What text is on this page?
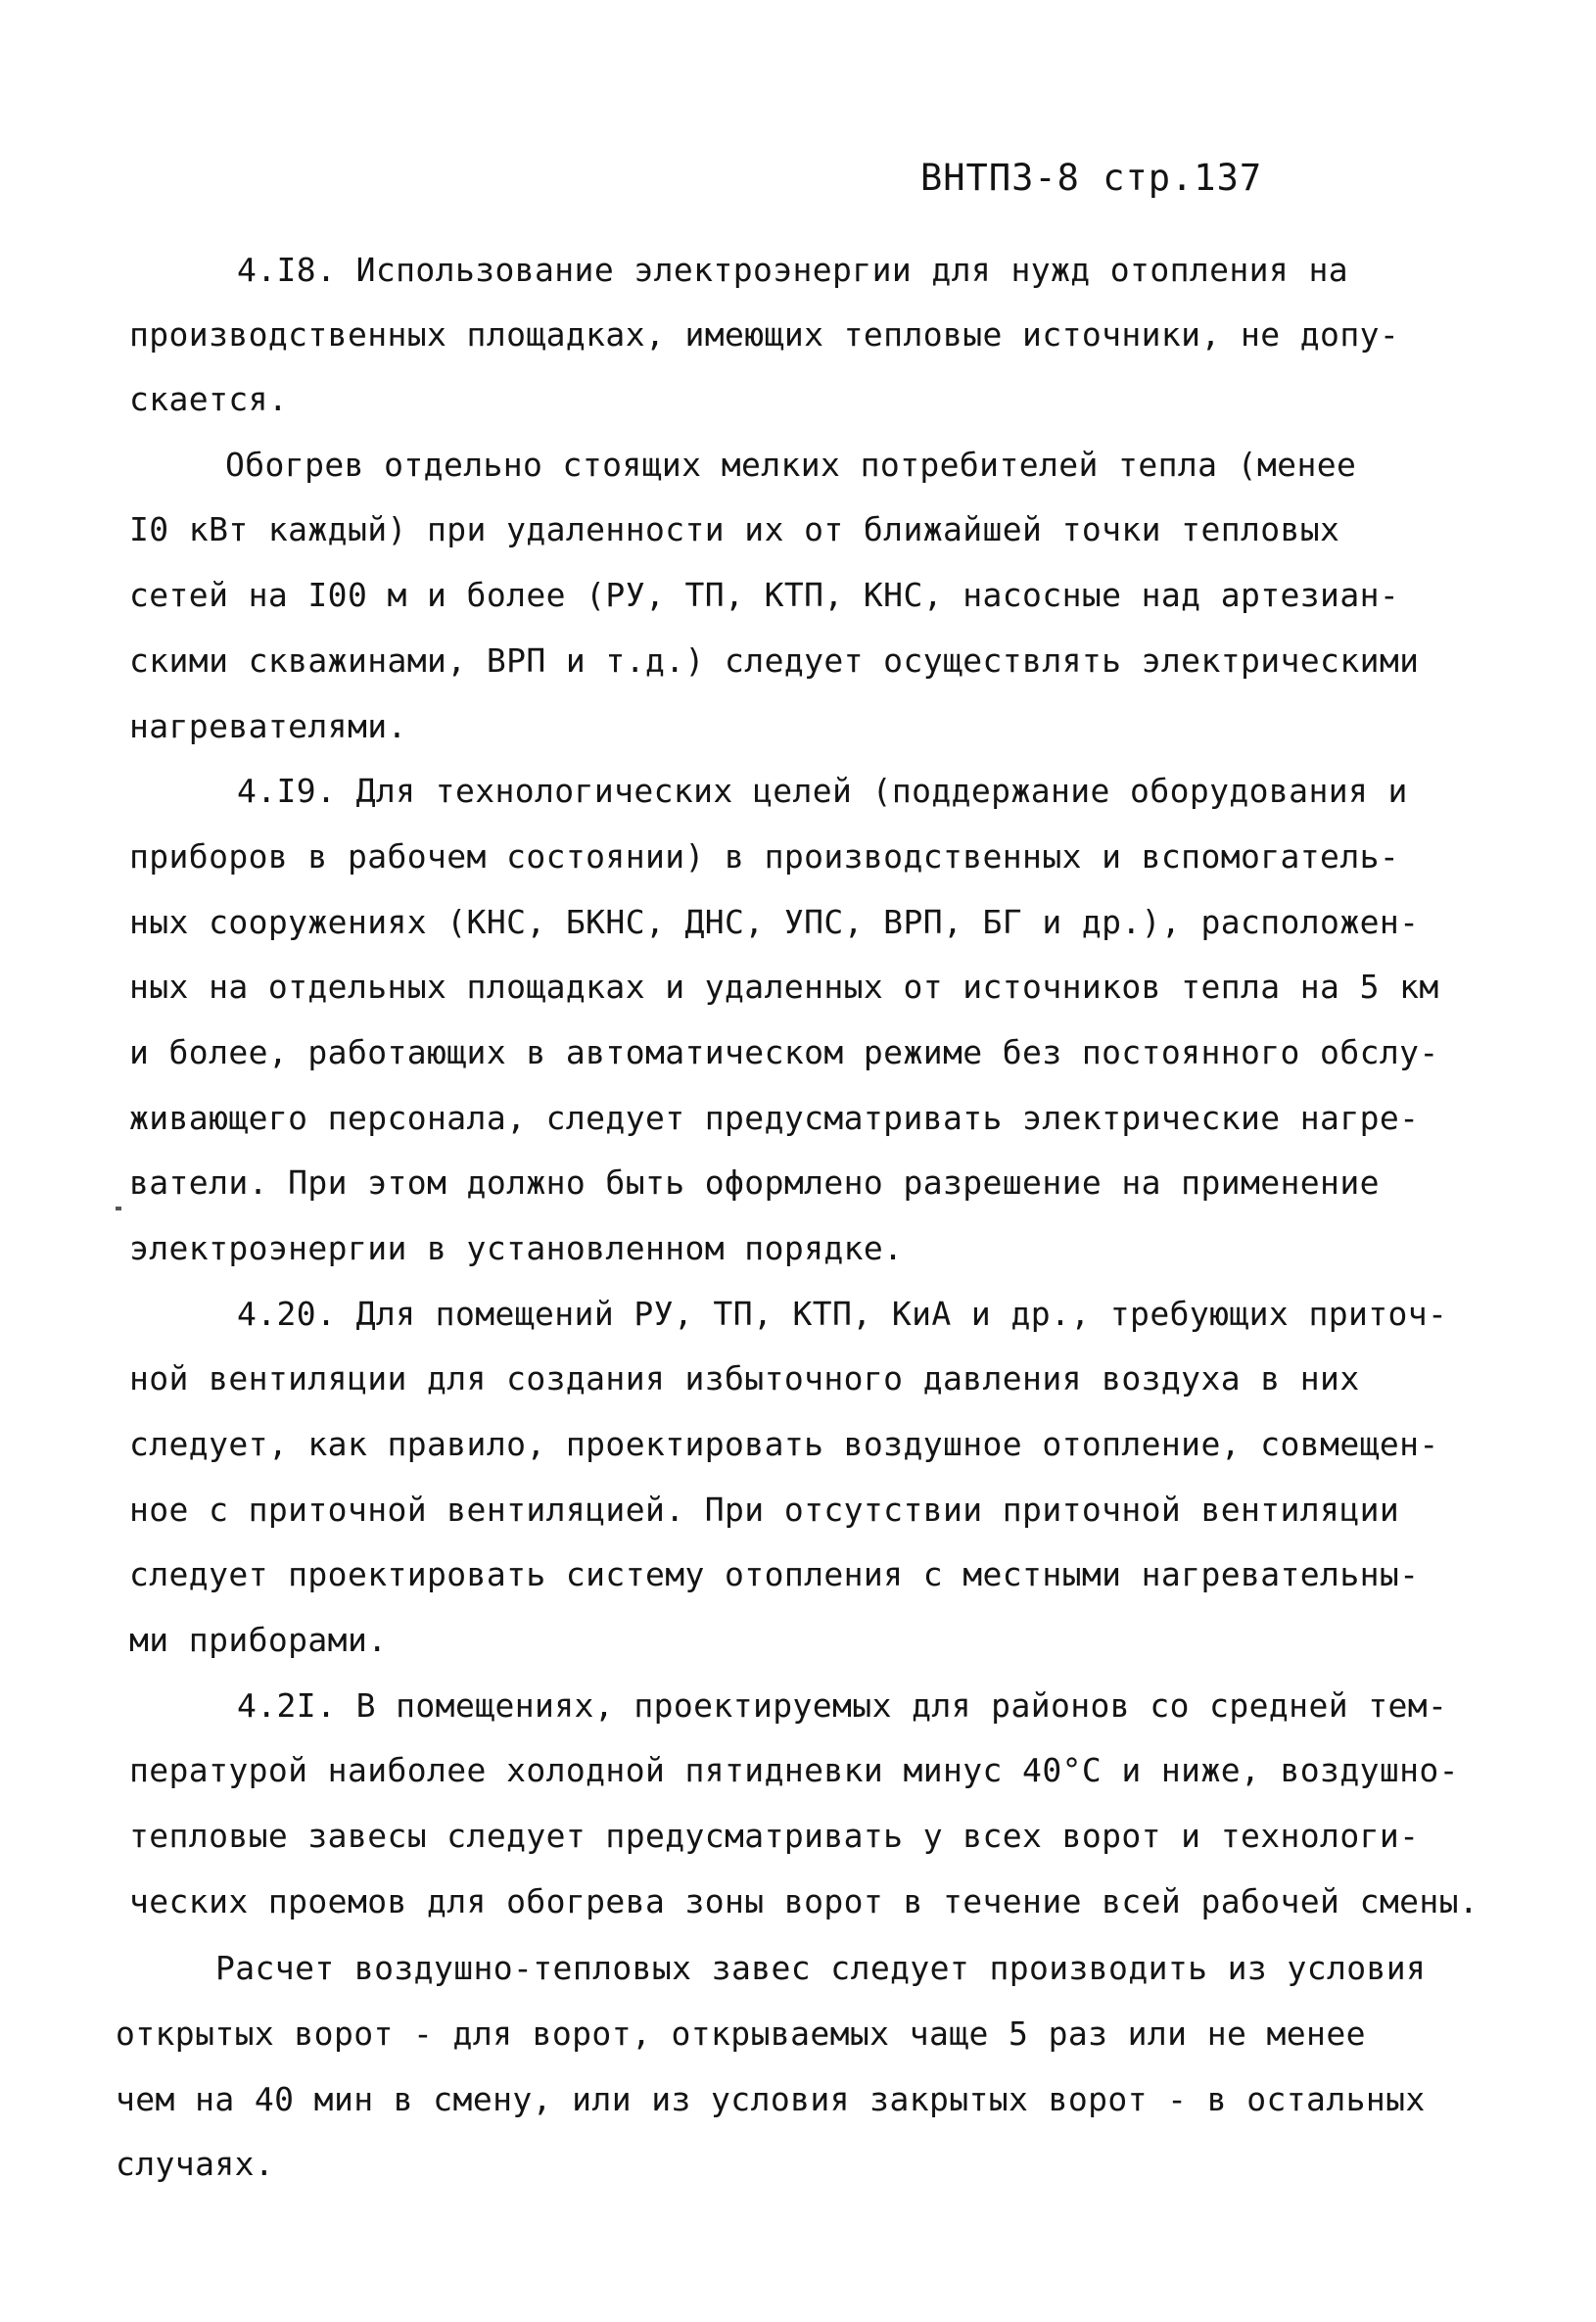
ВНТП3-8 стр.137
4.I8. Использование электроэнергии для нужд отопления на
производственных площадках, имеющих тепловые источники, не допу-
скается.
Обогрев отдельно стоящих мелких потребителей тепла (менее
I0 кВт каждый) при удаленности их от ближайшей точки тепловых
сетей на I00 м и более (РУ, ТП, КТП, КНС, насосные над артезиан-
скими скважинами, ВРП и т.д.) следует осуществлять электрическими
нагревателями.
4.I9. Для технологических целей (поддержание оборудования и
приборов в рабочем состоянии) в производственных и вспомогатель-
ных сооружениях (КНС, БКНС, ДНС, УПС, ВРП, БГ и др.), расположен-
ных на отдельных площадках и удаленных от источников тепла на 5 км
и более, работающих в автоматическом режиме без постоянного обслу-
живающего персонала, следует предусматривать электрические нагре-
ватели. При этом должно быть оформлено разрешение на применение
электроэнергии в установленном порядке.
4.20. Для помещений РУ, ТП, КТП, КиА и др., требующих приточ-
ной вентиляции для создания избыточного давления воздуха в них
следует, как правило, проектировать воздушное отопление, совмещен-
ное с приточной вентиляцией. При отсутствии приточной вентиляции
следует проектировать систему отопления с местными нагревательны-
ми приборами.
4.2I. В помещениях, проектируемых для районов со средней тем-
пературой наиболее холодной пятидневки минус 40°С и ниже, воздушно-
тепловые завесы следует предусматривать у всех ворот и технологи-
ческих проемов для обогрева зоны ворот в течение всей рабочей смены.
Расчет воздушно-тепловых завес следует производить из условия
открытых ворот - для ворот, открываемых чаще 5 раз или не менее
чем на 40 мин в смену, или из условия закрытых ворот - в остальных
случаях.
